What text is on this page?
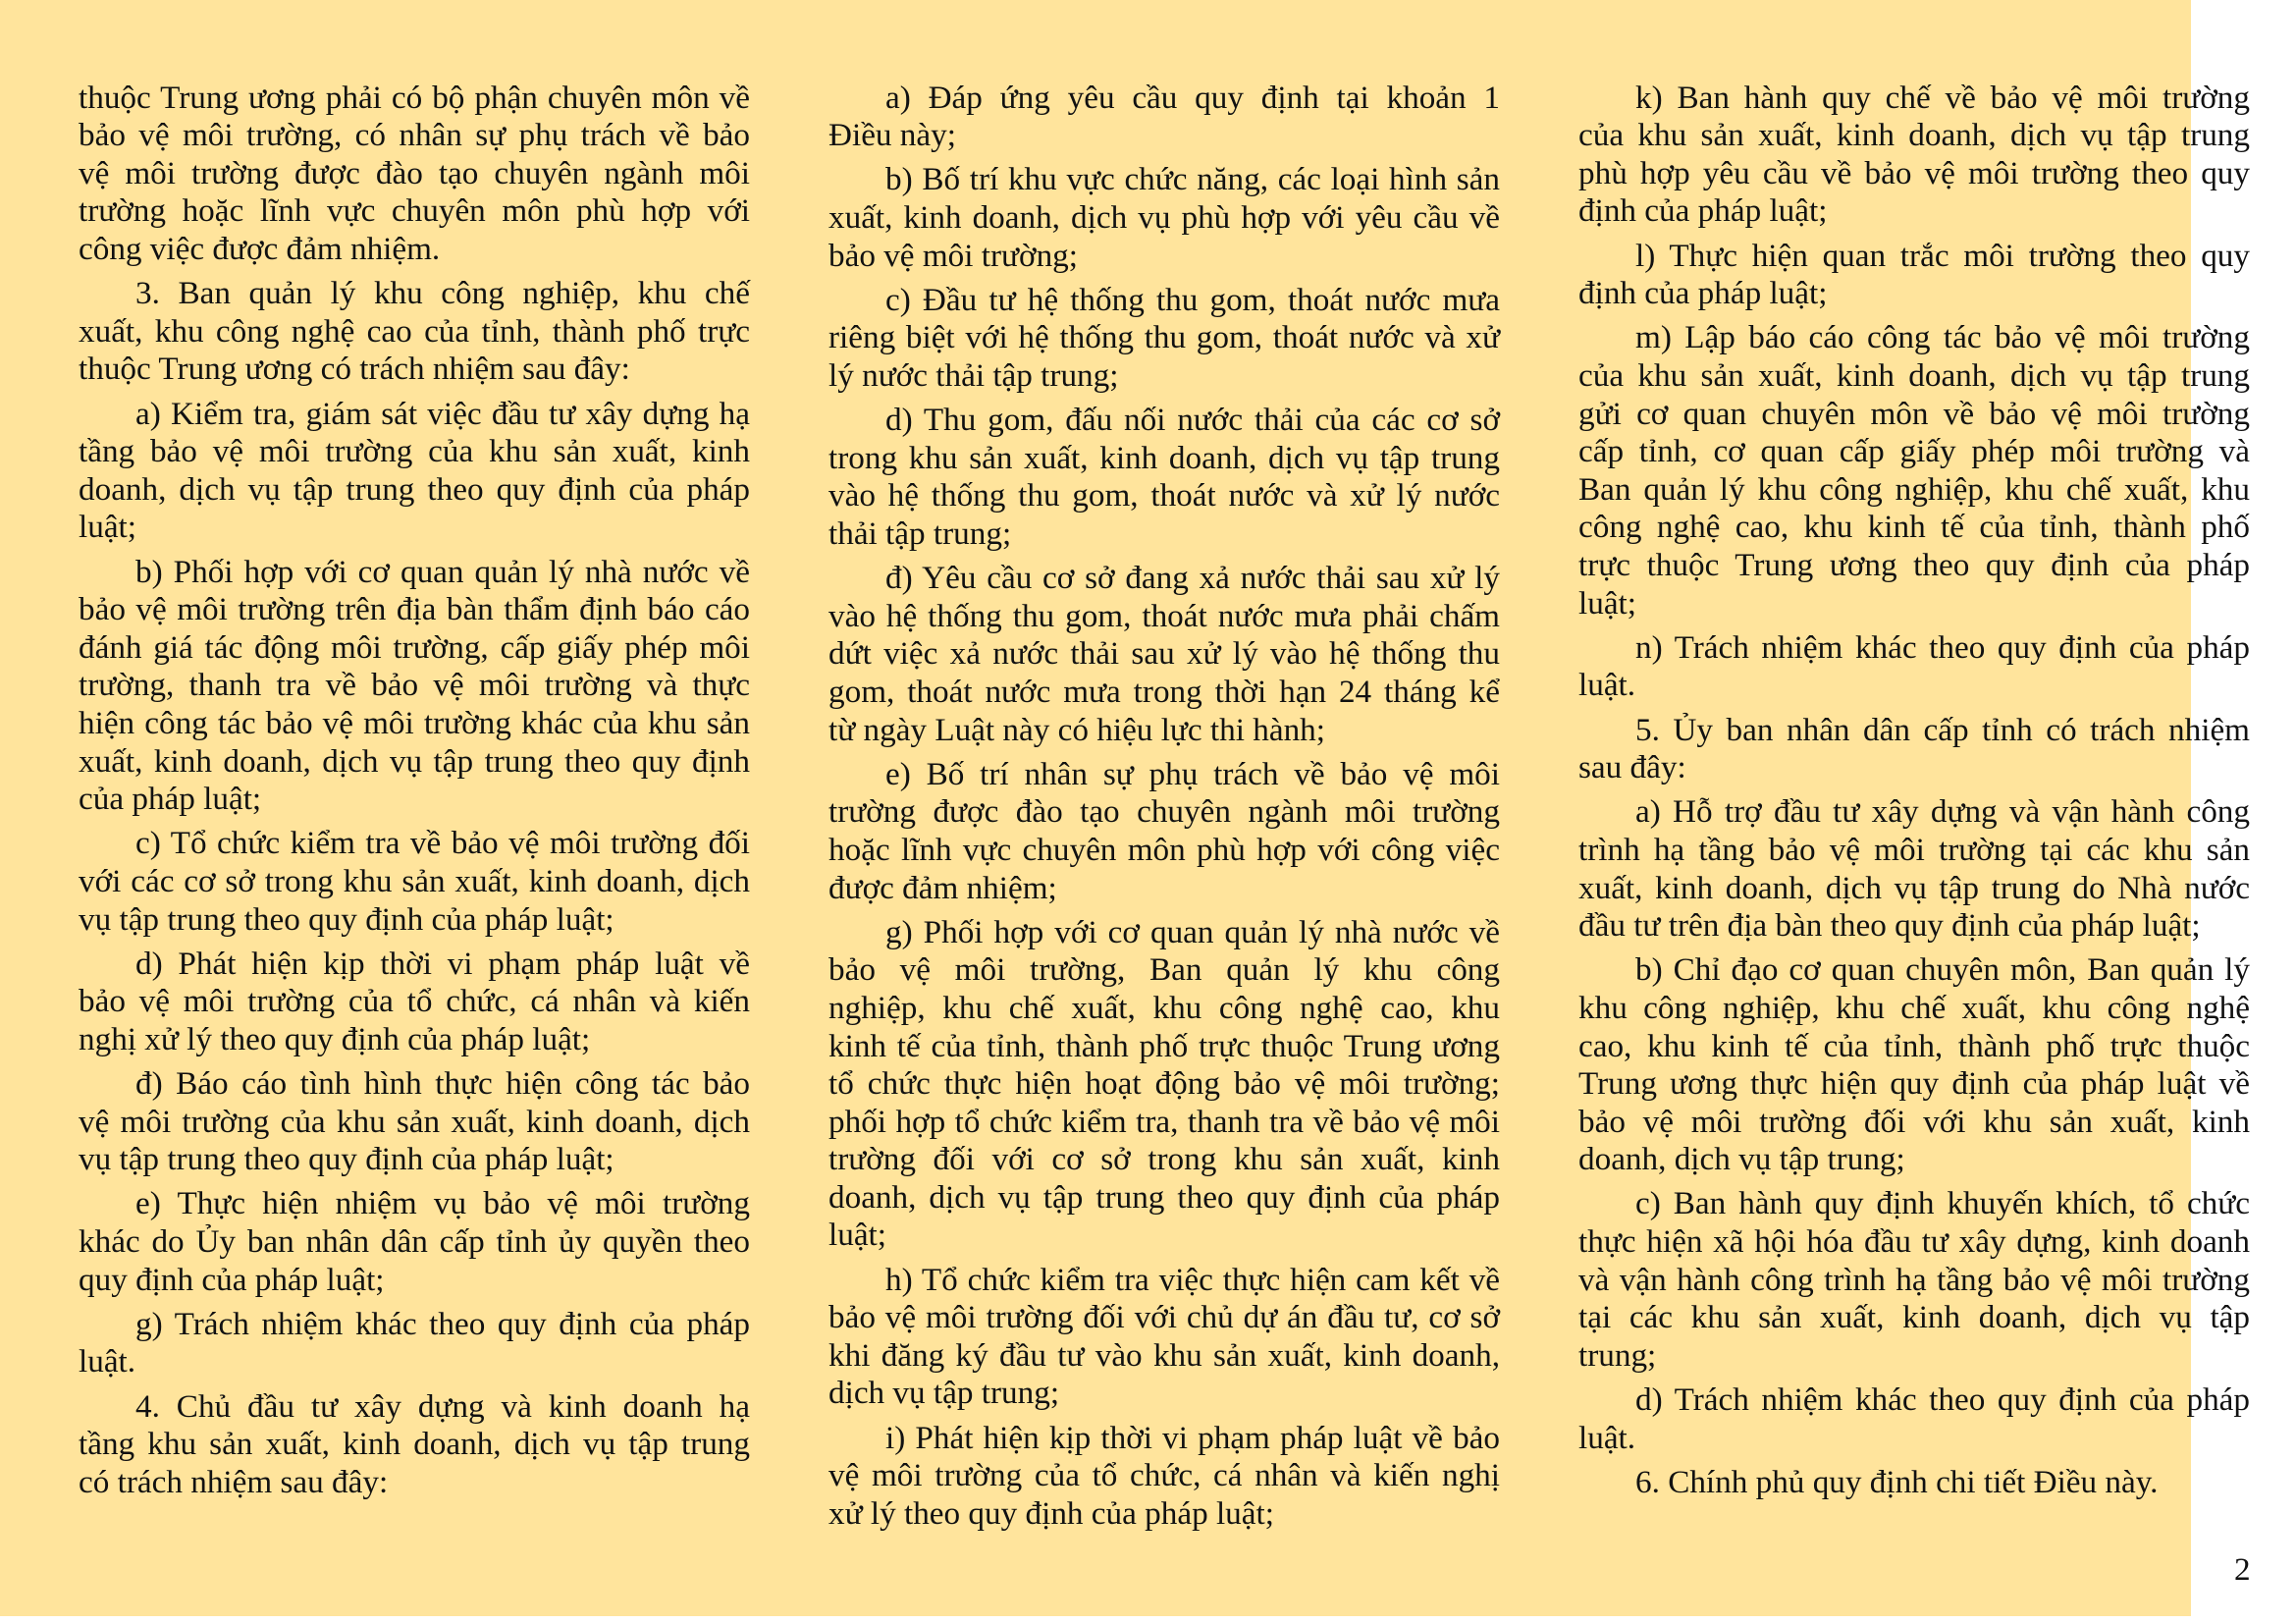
thuộc Trung ương phải có bộ phận chuyên môn về
bảo vệ môi trường, có nhân sự phụ trách về bảo
vệ môi trường được đào tạo chuyên ngành môi
trường hoặc lĩnh vực chuyên môn phù hợp với
công việc được đảm nhiệm.
3. Ban quản lý khu công nghiệp, khu chế
xuất, khu công nghệ cao của tỉnh, thành phố trực
thuộc Trung ương có trách nhiệm sau đây:
a) Kiểm tra, giám sát việc đầu tư xây dựng hạ
tầng bảo vệ môi trường của khu sản xuất, kinh
doanh, dịch vụ tập trung theo quy định của pháp
luật;
b) Phối hợp với cơ quan quản lý nhà nước về
bảo vệ môi trường trên địa bàn thẩm định báo cáo
đánh giá tác động môi trường, cấp giấy phép môi
trường, thanh tra về bảo vệ môi trường và thực
hiện công tác bảo vệ môi trường khác của khu sản
xuất, kinh doanh, dịch vụ tập trung theo quy định
của pháp luật;
c) Tổ chức kiểm tra về bảo vệ môi trường đối
với các cơ sở trong khu sản xuất, kinh doanh, dịch
vụ tập trung theo quy định của pháp luật;
d) Phát hiện kịp thời vi phạm pháp luật về
bảo vệ môi trường của tổ chức, cá nhân và kiến
nghị xử lý theo quy định của pháp luật;
đ) Báo cáo tình hình thực hiện công tác bảo
vệ môi trường của khu sản xuất, kinh doanh, dịch
vụ tập trung theo quy định của pháp luật;
e) Thực hiện nhiệm vụ bảo vệ môi trường
khác do Ủy ban nhân dân cấp tỉnh ủy quyền theo
quy định của pháp luật;
g) Trách nhiệm khác theo quy định của pháp
luật.
4. Chủ đầu tư xây dựng và kinh doanh hạ
tầng khu sản xuất, kinh doanh, dịch vụ tập trung
có trách nhiệm sau đây:
a) Đáp ứng yêu cầu quy định tại khoản 1
Điều này;
b) Bố trí khu vực chức năng, các loại hình sản
xuất, kinh doanh, dịch vụ phù hợp với yêu cầu về
bảo vệ môi trường;
c) Đầu tư hệ thống thu gom, thoát nước mưa
riêng biệt với hệ thống thu gom, thoát nước và xử
lý nước thải tập trung;
d) Thu gom, đấu nối nước thải của các cơ sở
trong khu sản xuất, kinh doanh, dịch vụ tập trung
vào hệ thống thu gom, thoát nước và xử lý nước
thải tập trung;
đ) Yêu cầu cơ sở đang xả nước thải sau xử lý
vào hệ thống thu gom, thoát nước mưa phải chấm
dứt việc xả nước thải sau xử lý vào hệ thống thu
gom, thoát nước mưa trong thời hạn 24 tháng kể
từ ngày Luật này có hiệu lực thi hành;
e) Bố trí nhân sự phụ trách về bảo vệ môi
trường được đào tạo chuyên ngành môi trường
hoặc lĩnh vực chuyên môn phù hợp với công việc
được đảm nhiệm;
g) Phối hợp với cơ quan quản lý nhà nước về
bảo vệ môi trường, Ban quản lý khu công
nghiệp, khu chế xuất, khu công nghệ cao, khu
kinh tế của tỉnh, thành phố trực thuộc Trung ương
tổ chức thực hiện hoạt động bảo vệ môi trường;
phối hợp tổ chức kiểm tra, thanh tra về bảo vệ môi
trường đối với cơ sở trong khu sản xuất, kinh
doanh, dịch vụ tập trung theo quy định của pháp
luật;
h) Tổ chức kiểm tra việc thực hiện cam kết về
bảo vệ môi trường đối với chủ dự án đầu tư, cơ sở
khi đăng ký đầu tư vào khu sản xuất, kinh doanh,
dịch vụ tập trung;
i) Phát hiện kịp thời vi phạm pháp luật về bảo
vệ môi trường của tổ chức, cá nhân và kiến nghị
xử lý theo quy định của pháp luật;
k) Ban hành quy chế về bảo vệ môi trường
của khu sản xuất, kinh doanh, dịch vụ tập trung
phù hợp yêu cầu về bảo vệ môi trường theo quy
định của pháp luật;
l) Thực hiện quan trắc môi trường theo quy
định của pháp luật;
m) Lập báo cáo công tác bảo vệ môi trường
của khu sản xuất, kinh doanh, dịch vụ tập trung
gửi cơ quan chuyên môn về bảo vệ môi trường
cấp tỉnh, cơ quan cấp giấy phép môi trường và
Ban quản lý khu công nghiệp, khu chế xuất, khu
công nghệ cao, khu kinh tế của tỉnh, thành phố
trực thuộc Trung ương theo quy định của pháp
luật;
n) Trách nhiệm khác theo quy định của pháp
luật.
5. Ủy ban nhân dân cấp tỉnh có trách nhiệm
sau đây:
a) Hỗ trợ đầu tư xây dựng và vận hành công
trình hạ tầng bảo vệ môi trường tại các khu sản
xuất, kinh doanh, dịch vụ tập trung do Nhà nước
đầu tư trên địa bàn theo quy định của pháp luật;
b) Chỉ đạo cơ quan chuyên môn, Ban quản lý
khu công nghiệp, khu chế xuất, khu công nghệ
cao, khu kinh tế của tỉnh, thành phố trực thuộc
Trung ương thực hiện quy định của pháp luật về
bảo vệ môi trường đối với khu sản xuất, kinh
doanh, dịch vụ tập trung;
c) Ban hành quy định khuyến khích, tổ chức
thực hiện xã hội hóa đầu tư xây dựng, kinh doanh
và vận hành công trình hạ tầng bảo vệ môi trường
tại các khu sản xuất, kinh doanh, dịch vụ tập
trung;
d) Trách nhiệm khác theo quy định của pháp
luật.
6. Chính phủ quy định chi tiết Điều này.
2
